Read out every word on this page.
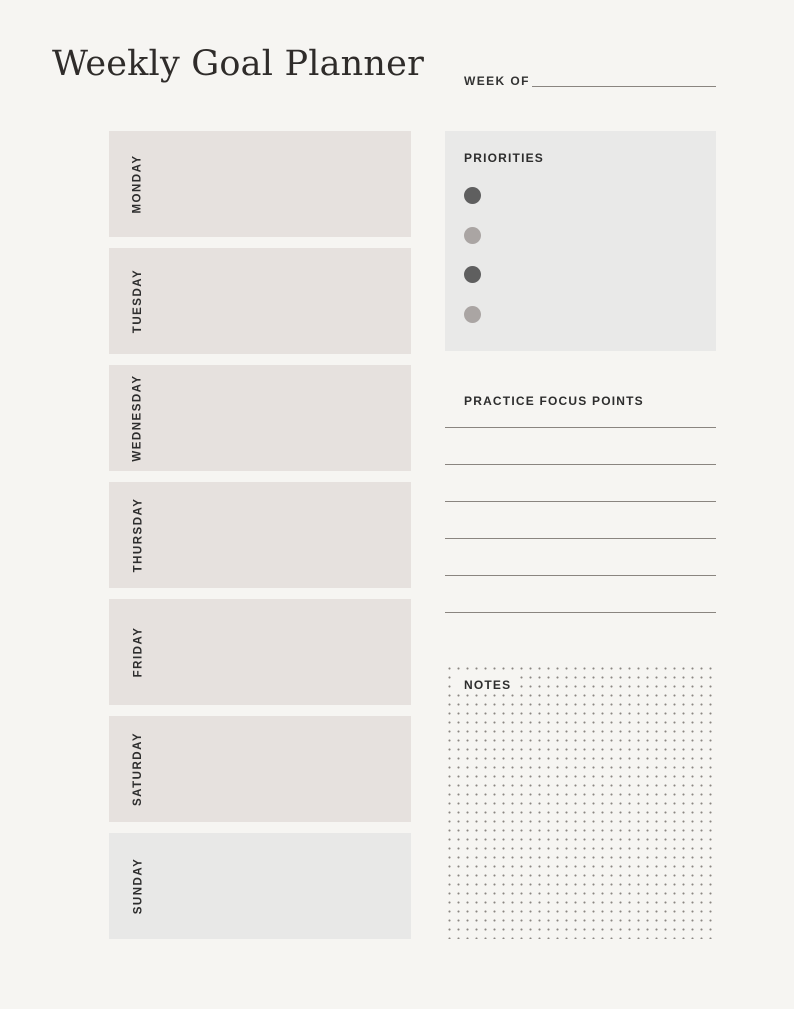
Weekly Goal Planner	WEEK OF
MONDAY
TUESDAY
WEDNESDAY
THURSDAY
FRIDAY
SATURDAY
SUNDAY
PRIORITIES
PRACTICE FOCUS POINTS
NOTES
